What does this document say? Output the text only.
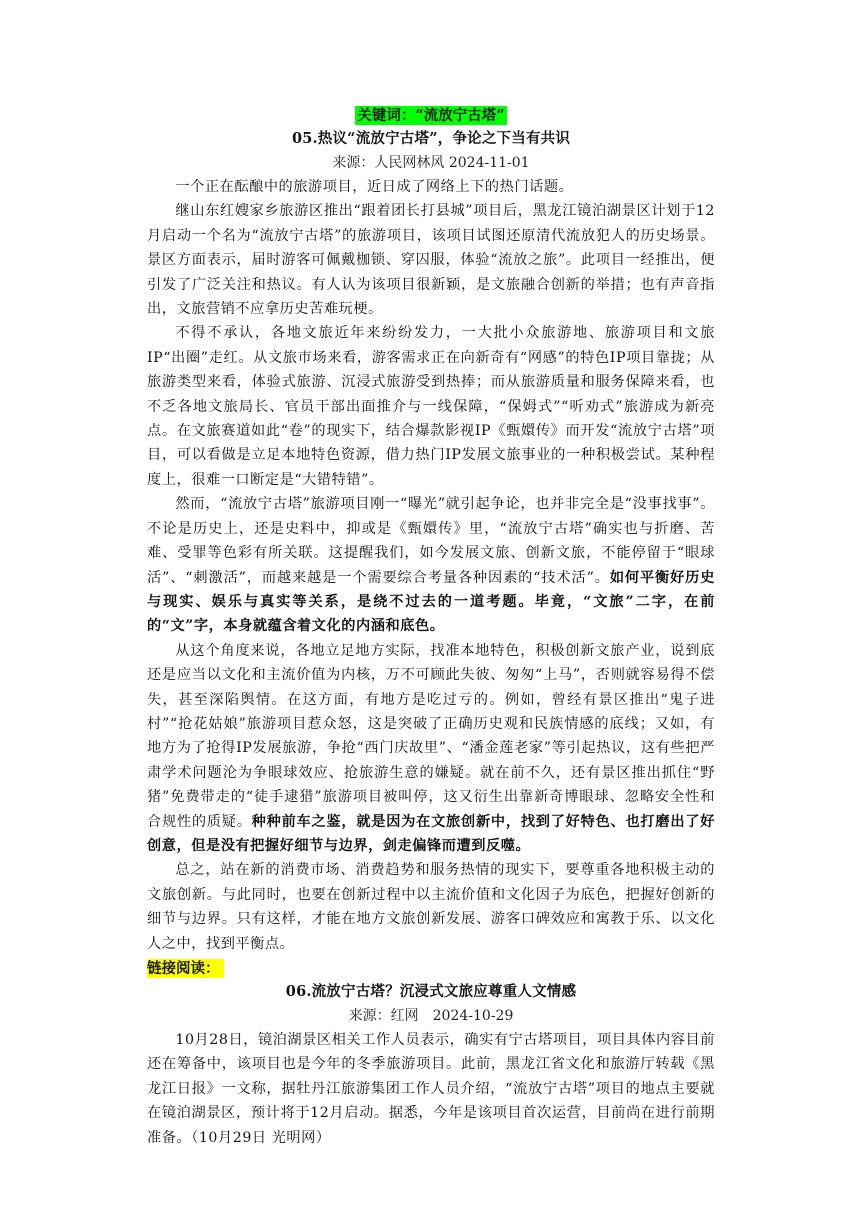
关键词：“流放宁古塔”
05.热议“流放宁古塔”，争论之下当有共识
来源：人民网林风 2024-11-01

一个正在酝酿中的旅游项目，近日成了网络上下的热门话题。

继山东红嫂家乡旅游区推出“跟着团长打县城”项目后，黑龙江镜泊湖景区计划于12月启动一个名为“流放宁古塔”的旅游项目，该项目试图还原清代流放犯人的历史场景。景区方面表示，届时游客可佩戴枷锁、穿囚服，体验“流放之旅”。此项目一经推出，便引发了广泛关注和热议。有人认为该项目很新颖，是文旅融合创新的举措；也有声音指出，文旅营销不应拿历史苦难玩梗。

不得不承认，各地文旅近年来纷纷发力，一大批小众旅游地、旅游项目和文旅IP“出圈”走红。从文旅市场来看，游客需求正在向新奇有“网感”的特色IP项目靠拢；从旅游类型来看，体验式旅游、沉浸式旅游受到热捧；而从旅游质量和服务保障来看，也不乏各地文旅局长、官员干部出面推介与一线保障，“保姆式”“听劝式”旅游成为新亮点。在文旅赛道如此“卷”的现实下，结合爆款影视IP《甄嬛传》而开发“流放宁古塔”项目，可以看做是立足本地特色资源，借力热门IP发展文旅事业的一种积极尝试。某种程度上，很难一口断定是“大错特错”。

然而，“流放宁古塔”旅游项目刚一“曝光”就引起争论，也并非完全是“没事找事”。不论是历史上，还是史料中，抑或是《甄嬛传》里，“流放宁古塔”确实也与折磨、苦难、受罪等色彩有所关联。这提醒我们，如今发展文旅、创新文旅，不能停留于“眼球活”、“刺激活”，而越来越是一个需要综合考量各种因素的“技术活”。如何平衡好历史与现实、娱乐与真实等关系，是绕不过去的一道考题。毕竟，“文旅”二字，在前的“文”字，本身就蕴含着文化的内涵和底色。

从这个角度来说，各地立足地方实际，找准本地特色，积极创新文旅产业，说到底还是应当以文化和主流价值为内核，万不可顾此失彼、匆匆“上马”，否则就容易得不偿失，甚至深陷舆情。在这方面，有地方是吃过亏的。例如，曾经有景区推出“鬼子进村”“抢花姑娘”旅游项目惹众怒，这是突破了正确历史观和民族情感的底线；又如，有地方为了抢得IP发展旅游，争抢“西门庆故里”、“潘金莲老家”等引起热议，这有些把严肃学术问题沦为争眼球效应、抢旅游生意的嫌疑。就在前不久，还有景区推出抓住“野猪”免费带走的“徒手逮猎”旅游项目被叫停，这又衍生出靠新奇博眼球、忽略安全性和合规性的质疑。种种前车之鉴，就是因为在文旅创新中，找到了好特色、也打磨出了好创意，但是没有把握好细节与边界，剑走偏锋而遭到反噬。

总之，站在新的消费市场、消费趋势和服务热情的现实下，要尊重各地积极主动的文旅创新。与此同时，也要在创新过程中以主流价值和文化因子为底色，把握好创新的细节与边界。只有这样，才能在地方文旅创新发展、游客口碑效应和寓教于乐、以文化人之中，找到平衡点。

链接阅读：
06.流放宁古塔？沉浸式文旅应尊重人文情感
来源：红网　2024-10-29

10月28日，镜泊湖景区相关工作人员表示，确实有宁古塔项目，项目具体内容目前还在筹备中，该项目也是今年的冬季旅游项目。此前，黑龙江省文化和旅游厅转载《黑龙江日报》一文称，据牡丹江旅游集团工作人员介绍，“流放宁古塔”项目的地点主要就在镜泊湖景区，预计将于12月启动。据悉，今年是该项目首次运营，目前尚在进行前期准备。（10月29日 光明网）
